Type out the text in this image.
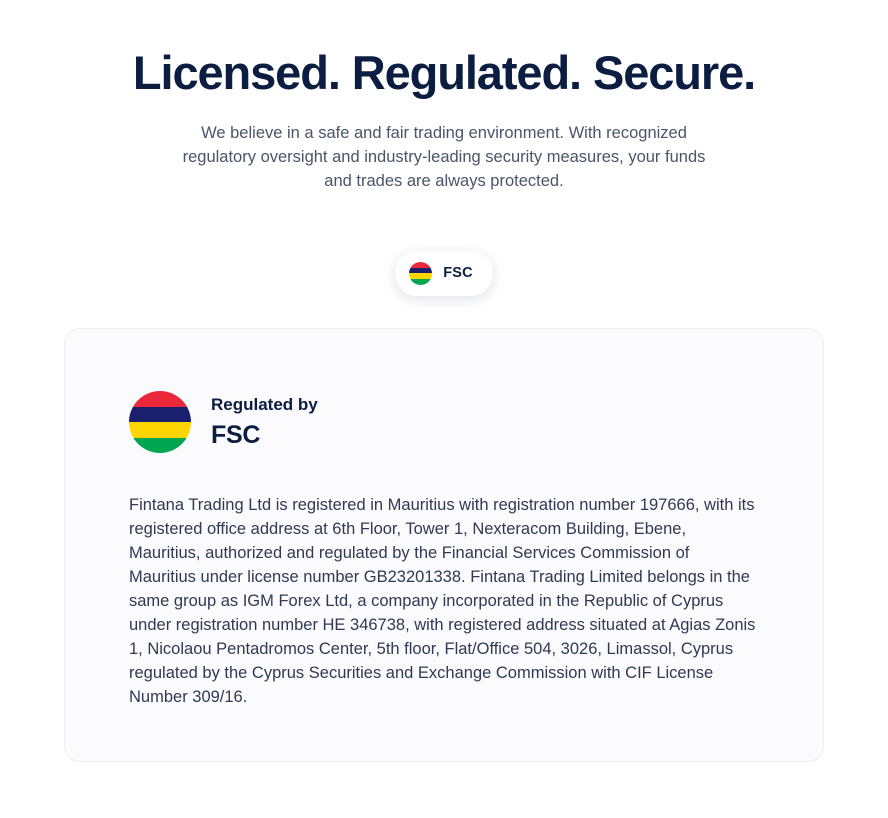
Licensed. Regulated. Secure.

We believe in a safe and fair trading environment. With recognized regulatory oversight and industry-leading security measures, your funds and trades are always protected.

FSC
Regulated by
FSC

Fintana Trading Ltd is registered in Mauritius with registration number 197666, with its registered office address at 6th Floor, Tower 1, Nexteracom Building, Ebene, Mauritius, authorized and regulated by the Financial Services Commission of Mauritius under license number GB23201338. Fintana Trading Limited belongs in the same group as IGM Forex Ltd, a company incorporated in the Republic of Cyprus under registration number HE 346738, with registered address situated at Agias Zonis 1, Nicolaou Pentadromos Center, 5th floor, Flat/Office 504, 3026, Limassol, Cyprus regulated by the Cyprus Securities and Exchange Commission with CIF License Number 309/16.
